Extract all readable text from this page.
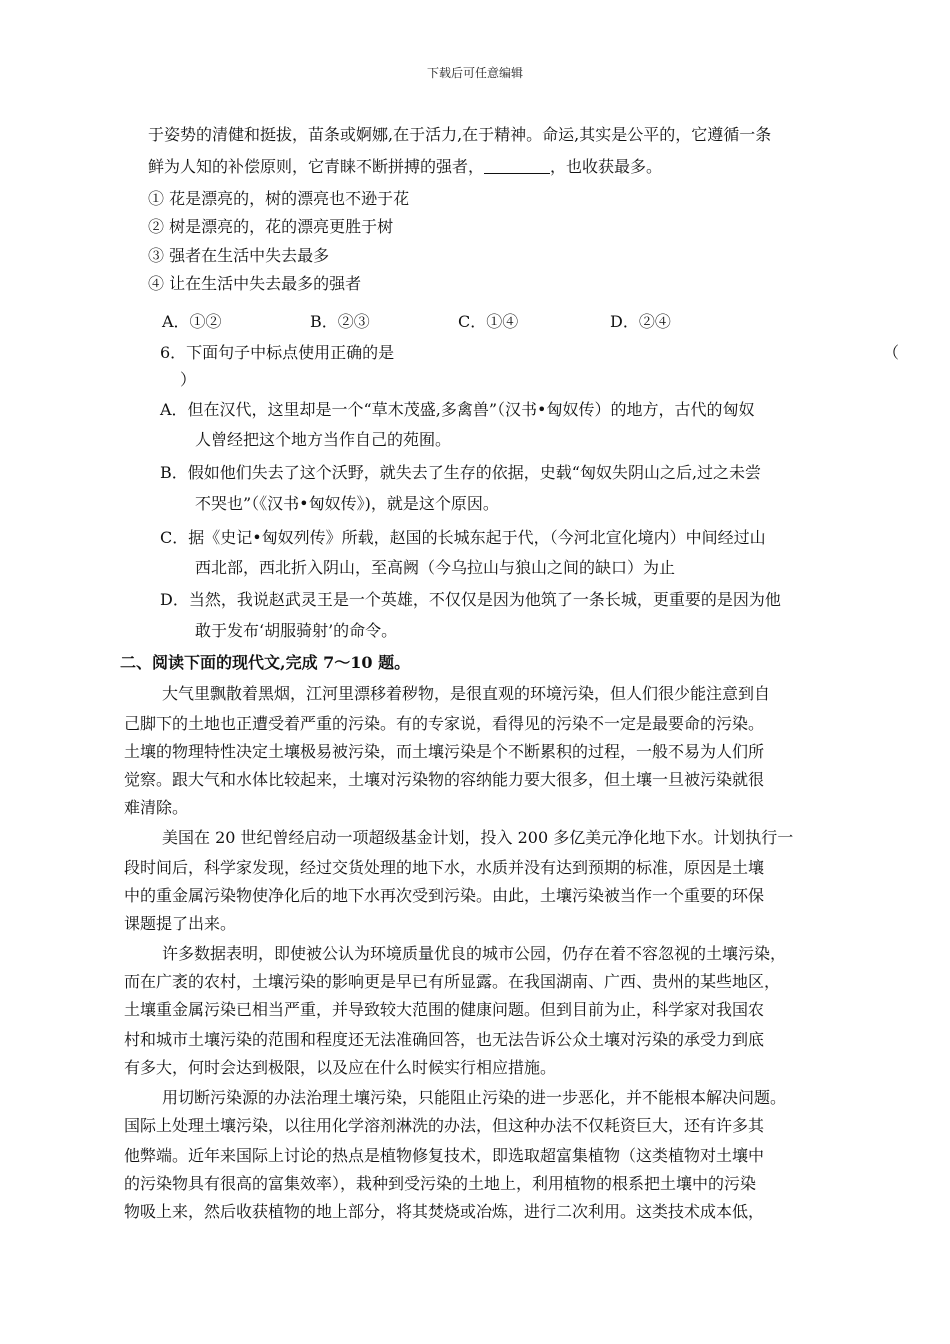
下载后可任意编辑
于姿势的清健和挺拔，苗条或婀娜,在于活力,在于精神。命运,其实是公平的，它遵循一条
鲜为人知的补偿原则，它青睐不断拼搏的强者，	，也收获最多。
① 花是漂亮的，树的漂亮也不逊于花
② 树是漂亮的，花的漂亮更胜于树
③ 强者在生活中失去最多
④ 让在生活中失去最多的强者
A．①②	B．②③	C．①④	D．②④
6．下面句子中标点使用正确的是	（
）
A．但在汉代，这里却是一个“草木茂盛,多禽兽”（汉书•匈奴传）的地方，古代的匈奴
人曾经把这个地方当作自己的苑囿。
B．假如他们失去了这个沃野，就失去了生存的依据，史载“匈奴失阴山之后,过之未尝
不哭也”（《汉书•匈奴传》)，就是这个原因。
C．据《史记•匈奴列传》所载，赵国的长城东起于代，（今河北宣化境内）中间经过山
西北部，西北折入阴山，至高阙（今乌拉山与狼山之间的缺口）为止
D．当然，我说赵武灵王是一个英雄，不仅仅是因为他筑了一条长城，更重要的是因为他
敢于发布‘胡服骑射’的命令。
二、阅读下面的现代文,完成 7～10 题。
大气里飘散着黑烟，江河里漂移着秽物，是很直观的环境污染，但人们很少能注意到自
己脚下的土地也正遭受着严重的污染。有的专家说，看得见的污染不一定是最要命的污染。
土壤的物理特性决定土壤极易被污染，而土壤污染是个不断累积的过程，一般不易为人们所
觉察。跟大气和水体比较起来，土壤对污染物的容纳能力要大很多，但土壤一旦被污染就很
难清除。
美国在 20 世纪曾经启动一项超级基金计划，投入 200 多亿美元净化地下水。计划执行一
段时间后，科学家发现，经过交货处理的地下水，水质并没有达到预期的标准，原因是土壤
中的重金属污染物使净化后的地下水再次受到污染。由此，土壤污染被当作一个重要的环保
课题提了出来。
许多数据表明，即使被公认为环境质量优良的城市公园，仍存在着不容忽视的土壤污染，
而在广袤的农村，土壤污染的影响更是早已有所显露。在我国湖南、广西、贵州的某些地区，
土壤重金属污染已相当严重，并导致较大范围的健康问题。但到目前为止，科学家对我国农
村和城市土壤污染的范围和程度还无法准确回答，也无法告诉公众土壤对污染的承受力到底
有多大，何时会达到极限，以及应在什么时候实行相应措施。
用切断污染源的办法治理土壤污染，只能阻止污染的进一步恶化，并不能根本解决问题。
国际上处理土壤污染，以往用化学溶剂淋洗的办法，但这种办法不仅耗资巨大，还有许多其
他弊端。近年来国际上讨论的热点是植物修复技术，即选取超富集植物（这类植物对土壤中
的污染物具有很高的富集效率），栽种到受污染的土地上，利用植物的根系把土壤中的污染
物吸上来，然后收获植物的地上部分，将其焚烧或冶炼，进行二次利用。这类技术成本低，
